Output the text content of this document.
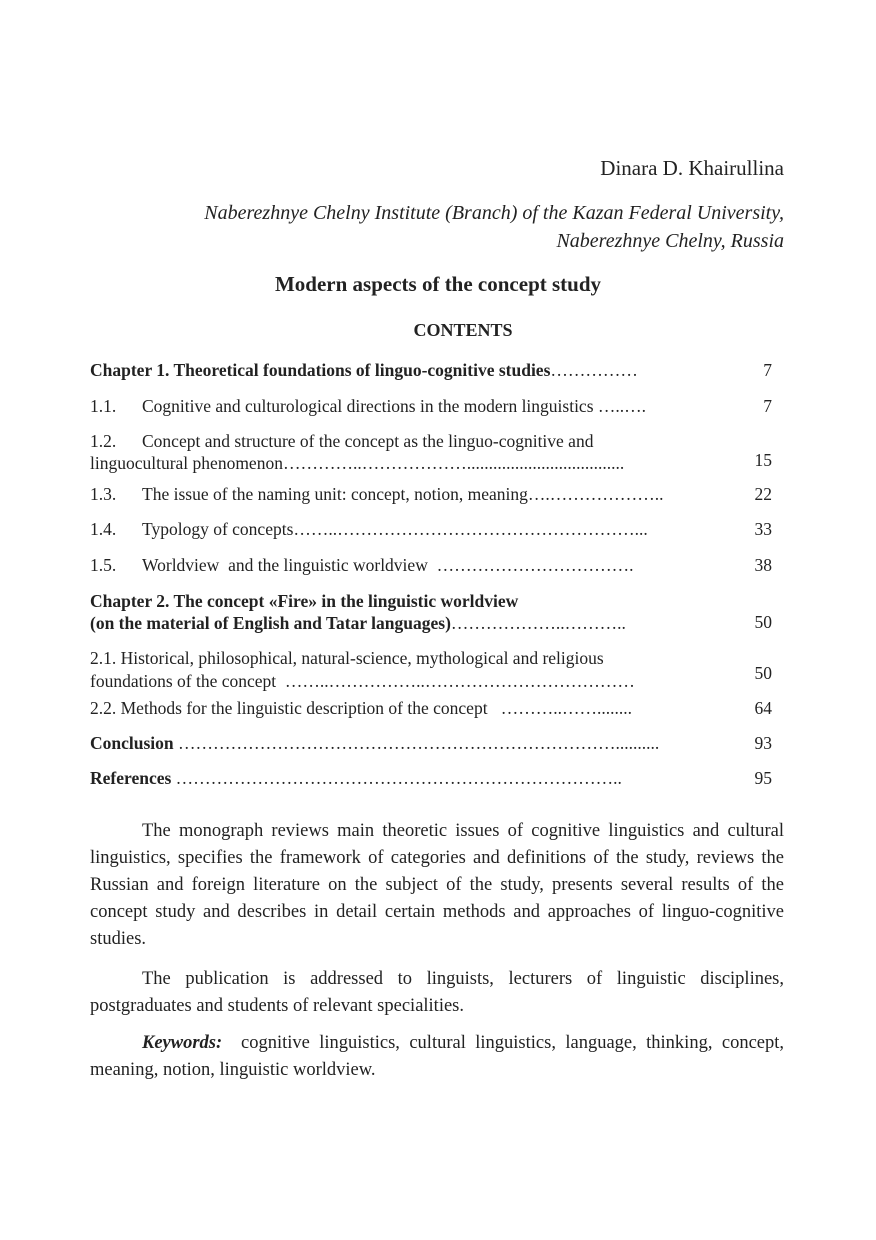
Dinara D. Khairullina
Naberezhnye Chelny Institute (Branch) of the Kazan Federal University, Naberezhnye Chelny, Russia
Modern aspects of the concept study
CONTENTS
Chapter 1. Theoretical foundations of linguo-cognitive studies……………	7
1.1. Cognitive and culturological directions in the modern linguistics …..….	7
1.2. Concept and structure of the concept as the linguo-cognitive and
linguocultural phenomenon…………..………………....................................	15
1.3. The issue of the naming unit: concept, notion, meaning….………………..	22
1.4. Typology of concepts……..……………………………………………...	33
1.5. Worldview  and the linguistic worldview  …………………………….	38
Chapter 2. The concept «Fire» in the linguistic worldview
(on the material of English and Tatar languages)………………..………..	50
2.1. Historical, philosophical, natural-science, mythological and religious
foundations of the concept  ……..……………..………………………………	50
2.2. Methods for the linguistic description of the concept   ………..……........	64
Conclusion …………………………………………………………………..........	93
References …………………………………………………………………..	95
The monograph reviews main theoretic issues of cognitive linguistics and cultural linguistics, specifies the framework of categories and definitions of the study, reviews the Russian and foreign literature on the subject of the study, presents several results of the concept study and describes in detail certain methods and approaches of linguo-cognitive studies.
The publication is addressed to linguists, lecturers of linguistic disciplines, postgraduates and students of relevant specialities.
Keywords: cognitive linguistics, cultural linguistics, language, thinking, concept, meaning, notion, linguistic worldview.
